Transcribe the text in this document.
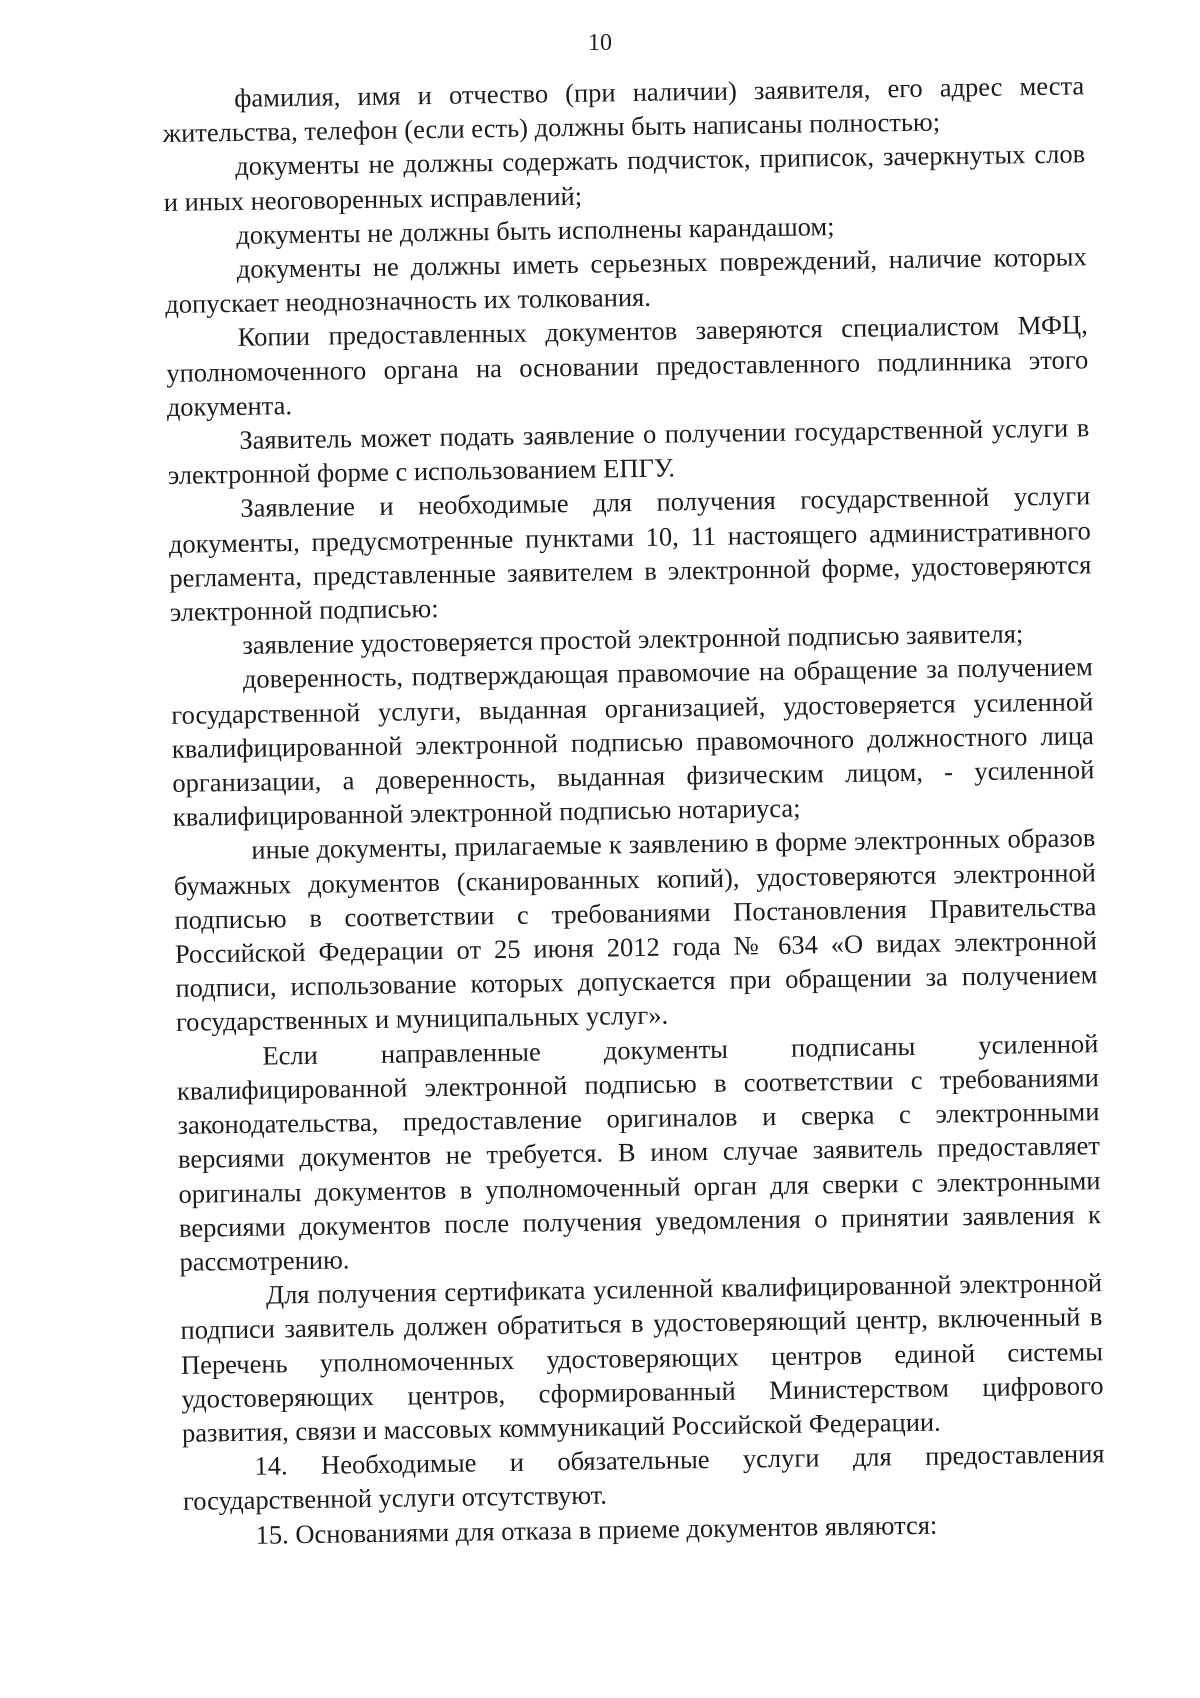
10

фамилия, имя и отчество (при наличии) заявителя, его адрес места жительства, телефон (если есть) должны быть написаны полностью;

документы не должны содержать подчисток, приписок, зачеркнутых слов и иных неоговоренных исправлений;

документы не должны быть исполнены карандашом;

документы не должны иметь серьезных повреждений, наличие которых допускает неоднозначность их толкования.

Копии предоставленных документов заверяются специалистом МФЦ, уполномоченного органа на основании предоставленного подлинника этого документа.

Заявитель может подать заявление о получении государственной услуги в электронной форме с использованием ЕПГУ.

Заявление и необходимые для получения государственной услуги документы, предусмотренные пунктами 10, 11 настоящего административного регламента, представленные заявителем в электронной форме, удостоверяются электронной подписью:

заявление удостоверяется простой электронной подписью заявителя;

доверенность, подтверждающая правомочие на обращение за получением государственной услуги, выданная организацией, удостоверяется усиленной квалифицированной электронной подписью правомочного должностного лица организации, а доверенность, выданная физическим лицом, - усиленной квалифицированной электронной подписью нотариуса;

иные документы, прилагаемые к заявлению в форме электронных образов бумажных документов (сканированных копий), удостоверяются электронной подписью в соответствии с требованиями Постановления Правительства Российской Федерации от 25 июня 2012 года № 634 «О видах электронной подписи, использование которых допускается при обращении за получением государственных и муниципальных услуг».

Если направленные документы подписаны усиленной квалифицированной электронной подписью в соответствии с требованиями законодательства, предоставление оригиналов и сверка с электронными версиями документов не требуется. В ином случае заявитель предоставляет оригиналы документов в уполномоченный орган для сверки с электронными версиями документов после получения уведомления о принятии заявления к рассмотрению.

Для получения сертификата усиленной квалифицированной электронной подписи заявитель должен обратиться в удостоверяющий центр, включенный в Перечень уполномоченных удостоверяющих центров единой системы удостоверяющих центров, сформированный Министерством цифрового развития, связи и массовых коммуникаций Российской Федерации.

14. Необходимые и обязательные услуги для предоставления государственной услуги отсутствуют.

15. Основаниями для отказа в приеме документов являются:
